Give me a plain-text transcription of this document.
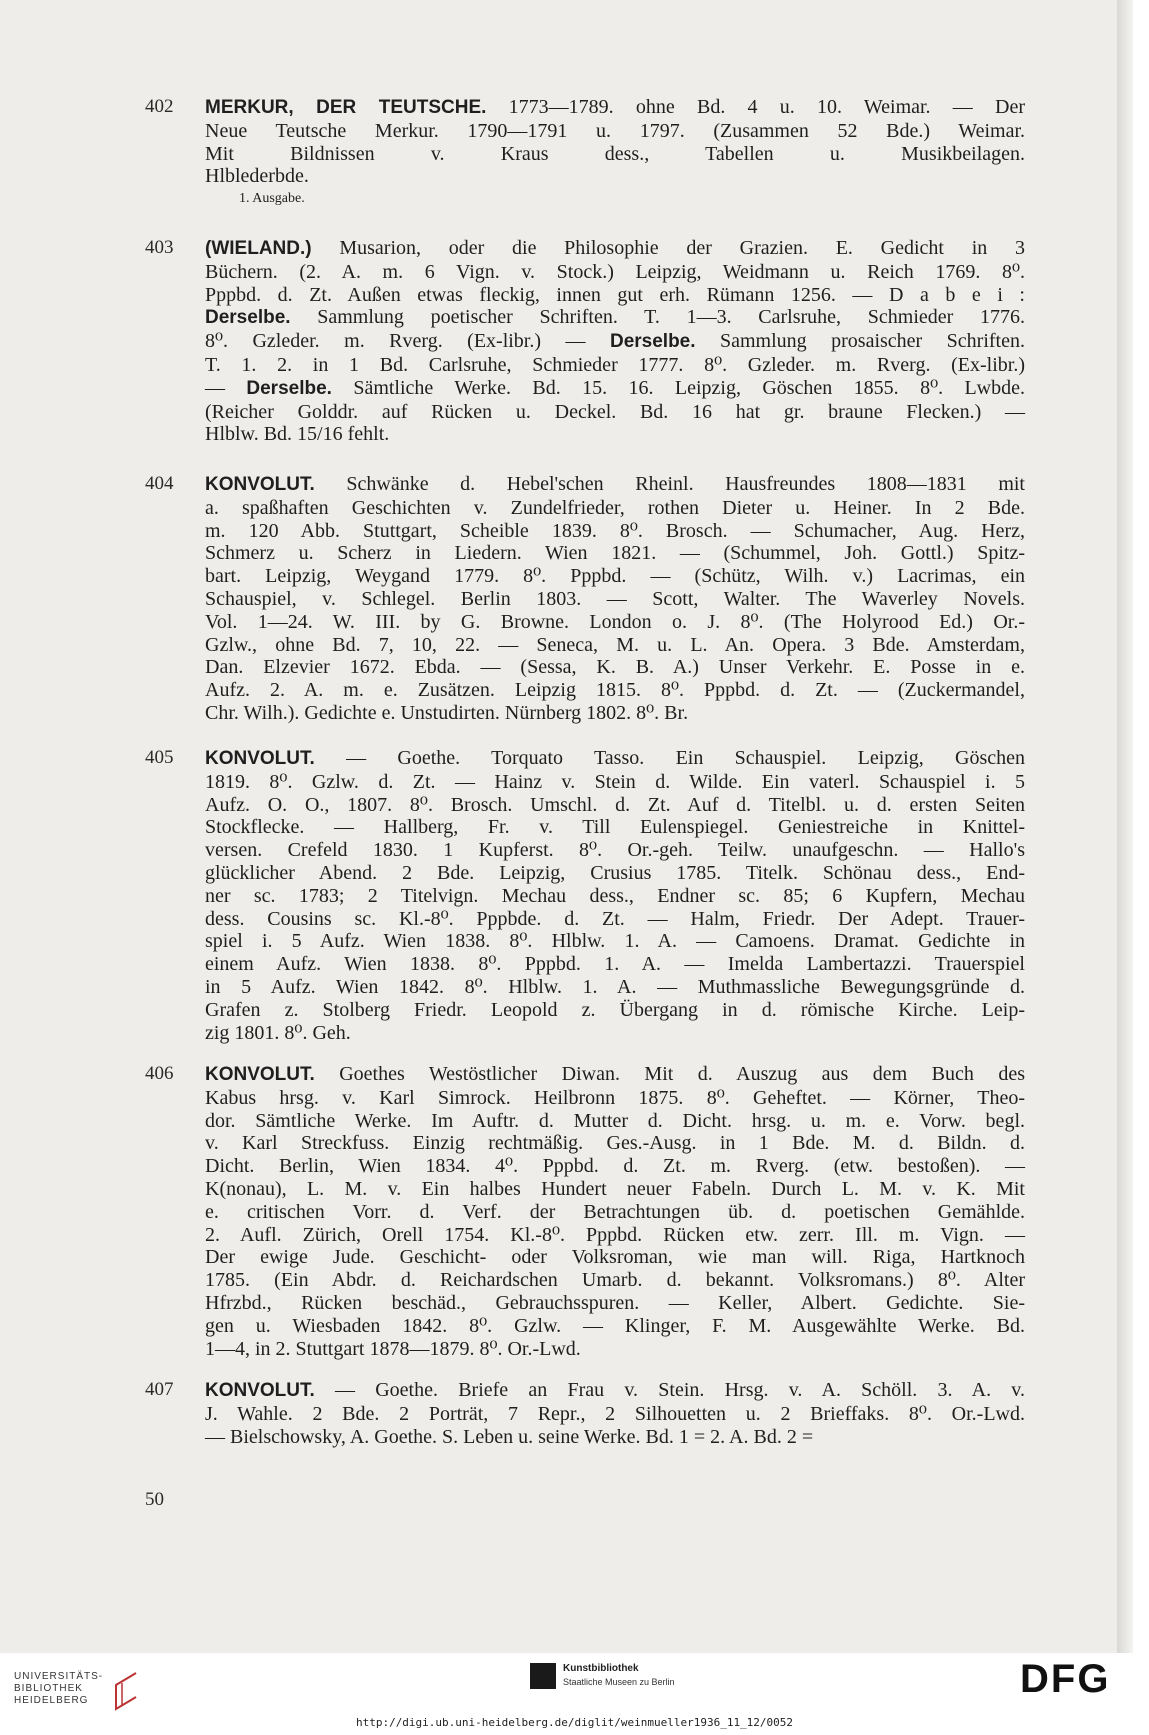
402	MERKUR, DER TEUTSCHE. 1773—1789. ohne Bd. 4 u. 10. Weimar. — Der
Neue Teutsche Merkur. 1790—1791 u. 1797. (Zusammen 52 Bde.) Weimar.
Mit Bildnissen v. Kraus dess., Tabellen u. Musikbeilagen.
Hlblederbde.
1. Ausgabe.
403	(WIELAND.) Musarion, oder die Philosophie der Grazien. E. Gedicht in 3
Büchern. (2. A. m. 6 Vign. v. Stock.) Leipzig, Weidmann u. Reich 1769. 8⁰.
Pppbd. d. Zt. Außen etwas fleckig, innen gut erh. Rümann 1256. — D a b e i :
Derselbe. Sammlung poetischer Schriften. T. 1—3. Carlsruhe, Schmieder 1776.
8⁰. Gzleder. m. Rverg. (Ex-libr.) — Derselbe. Sammlung prosaischer Schriften.
T. 1. 2. in 1 Bd. Carlsruhe, Schmieder 1777. 8⁰. Gzleder. m. Rverg. (Ex-libr.)
— Derselbe. Sämtliche Werke. Bd. 15. 16. Leipzig, Göschen 1855. 8⁰. Lwbde.
(Reicher Golddr. auf Rücken u. Deckel. Bd. 16 hat gr. braune Flecken.) —
Hlblw. Bd. 15/16 fehlt.
404	KONVOLUT. Schwänke d. Hebel'schen Rheinl. Hausfreundes 1808—1831 mit
a. spaßhaften Geschichten v. Zundelfrieder, rothen Dieter u. Heiner. In 2 Bde.
m. 120 Abb. Stuttgart, Scheible 1839. 8⁰. Brosch. — Schumacher, Aug. Herz,
Schmerz u. Scherz in Liedern. Wien 1821. — (Schummel, Joh. Gottl.) Spitz-
bart. Leipzig, Weygand 1779. 8⁰. Pppbd. — (Schütz, Wilh. v.) Lacrimas, ein
Schauspiel, v. Schlegel. Berlin 1803. — Scott, Walter. The Waverley Novels.
Vol. 1—24. W. III. by G. Browne. London o. J. 8⁰. (The Holyrood Ed.) Or.-
Gzlw., ohne Bd. 7, 10, 22. — Seneca, M. u. L. An. Opera. 3 Bde. Amsterdam,
Dan. Elzevier 1672. Ebda. — (Sessa, K. B. A.) Unser Verkehr. E. Posse in e.
Aufz. 2. A. m. e. Zusätzen. Leipzig 1815. 8⁰. Pppbd. d. Zt. — (Zuckermandel,
Chr. Wilh.). Gedichte e. Unstudirten. Nürnberg 1802. 8⁰. Br.
405	KONVOLUT. — Goethe. Torquato Tasso. Ein Schauspiel. Leipzig, Göschen
1819. 8⁰. Gzlw. d. Zt. — Hainz v. Stein d. Wilde. Ein vaterl. Schauspiel i. 5
Aufz. O. O., 1807. 8⁰. Brosch. Umschl. d. Zt. Auf d. Titelbl. u. d. ersten Seiten
Stockflecke. — Hallberg, Fr. v. Till Eulenspiegel. Geniestreiche in Knittel-
versen. Crefeld 1830. 1 Kupferst. 8⁰. Or.-geh. Teilw. unaufgeschn. — Hallo's
glücklicher Abend. 2 Bde. Leipzig, Crusius 1785. Titelk. Schönau dess., End-
ner sc. 1783; 2 Titelvign. Mechau dess., Endner sc. 85; 6 Kupfern, Mechau
dess. Cousins sc. Kl.-8⁰. Pppbde. d. Zt. — Halm, Friedr. Der Adept. Trauer-
spiel i. 5 Aufz. Wien 1838. 8⁰. Hlblw. 1. A. — Camoens. Dramat. Gedichte in
einem Aufz. Wien 1838. 8⁰. Pppbd. 1. A. — Imelda Lambertazzi. Trauerspiel
in 5 Aufz. Wien 1842. 8⁰. Hlblw. 1. A. — Muthmassliche Bewegungsgründe d.
Grafen z. Stolberg Friedr. Leopold z. Übergang in d. römische Kirche. Leip-
zig 1801. 8⁰. Geh.
406	KONVOLUT. Goethes Westöstlicher Diwan. Mit d. Auszug aus dem Buch des
Kabus hrsg. v. Karl Simrock. Heilbronn 1875. 8⁰. Geheftet. — Körner, Theo-
dor. Sämtliche Werke. Im Auftr. d. Mutter d. Dicht. hrsg. u. m. e. Vorw. begl.
v. Karl Streckfuss. Einzig rechtmäßig. Ges.-Ausg. in 1 Bde. M. d. Bildn. d.
Dicht. Berlin, Wien 1834. 4⁰. Pppbd. d. Zt. m. Rverg. (etw. bestoßen). —
K(nonau), L. M. v. Ein halbes Hundert neuer Fabeln. Durch L. M. v. K. Mit
e. critischen Vorr. d. Verf. der Betrachtungen üb. d. poetischen Gemählde.
2. Aufl. Zürich, Orell 1754. Kl.-8⁰. Pppbd. Rücken etw. zerr. Ill. m. Vign. —
Der ewige Jude. Geschicht- oder Volksroman, wie man will. Riga, Hartknoch
1785. (Ein Abdr. d. Reichardschen Umarb. d. bekannt. Volksromans.) 8⁰. Alter
Hfrzbd., Rücken beschäd., Gebrauchsspuren. — Keller, Albert. Gedichte. Sie-
gen u. Wiesbaden 1842. 8⁰. Gzlw. — Klinger, F. M. Ausgewählte Werke. Bd.
1—4, in 2. Stuttgart 1878—1879. 8⁰. Or.-Lwd.
407	KONVOLUT. — Goethe. Briefe an Frau v. Stein. Hrsg. v. A. Schöll. 3. A. v.
J. Wahle. 2 Bde. 2 Porträt, 7 Repr., 2 Silhouetten u. 2 Brieffaks. 8⁰. Or.-Lwd.
— Bielschowsky, A. Goethe. S. Leben u. seine Werke. Bd. 1 = 2. A. Bd. 2 =
50
UNIVERSITÄTS-
BIBLIOTHEK
HEIDELBERG
Kunstbibliothek
Staatliche Museen zu Berlin	DFG
http://digi.ub.uni-heidelberg.de/diglit/weinmueller1936_11_12/0052
